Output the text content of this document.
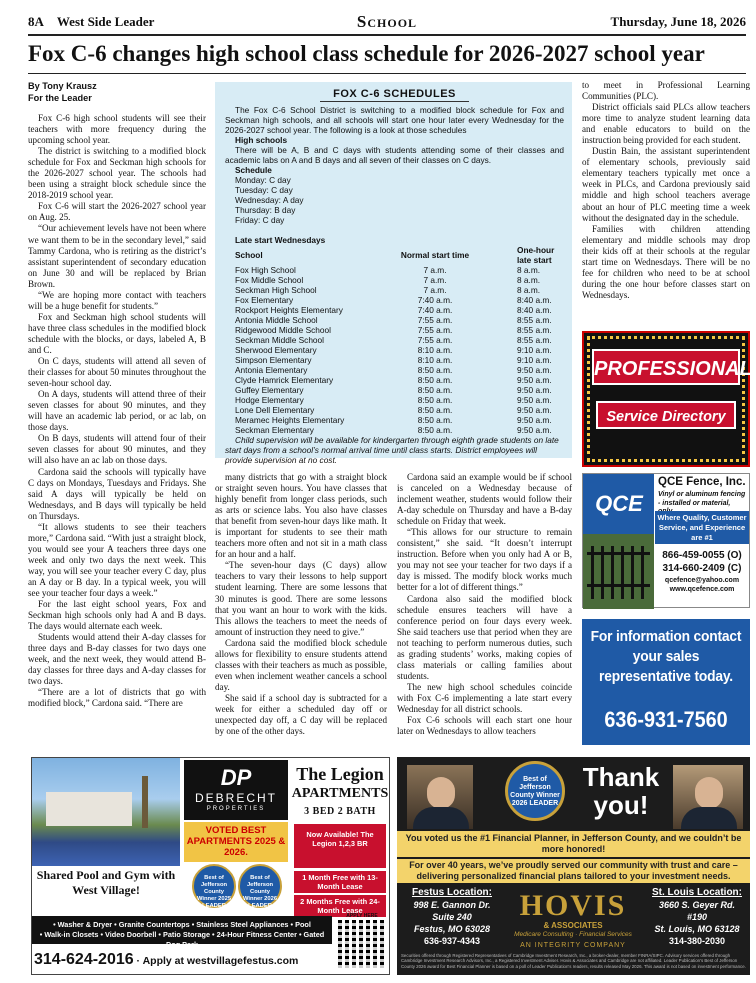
8A West Side Leader	School	Thursday, June 18, 2026
Fox C-6 changes high school class schedule for 2026-2027 school year
By Tony Krausz
For the Leader

Fox C-6 high school students will see their teachers with more frequency during the upcoming school year.

The district is switching to a modified block schedule for Fox and Seckman high schools for the 2026-2027 school year. The schools had been using a straight block schedule since the 2018-2019 school year.

Fox C-6 will start the 2026-2027 school year on Aug. 25.

“Our achievement levels have not been where we want them to be in the secondary level,” said Tammy Cardona, who is retiring as the district’s assistant superintendent of secondary education on June 30 and will be replaced by Brian Brown.

“We are hoping more contact with teachers will be a huge benefit for students.”

Fox and Seckman high school students will have three class schedules in the modified block schedule with the blocks, or days, labeled A, B and C.

On C days, students will attend all seven of their classes for about 50 minutes throughout the seven-hour school day.

On A days, students will attend three of their seven classes for about 90 minutes, and they will have an academic lab period, or ac lab, on those days.

On B days, students will attend four of their seven classes for about 90 minutes, and they will also have an ac lab on those days.

Cardona said the schools will typically have C days on Mondays, Tuesdays and Fridays. She said A days will typically be held on Wednesdays, and B days will typically be held on Thursdays.

“It allows students to see their teachers more,” Cardona said. “With just a straight block, you would see your A teachers three days one week and only two days the next week. This way, you will see your teacher every C day, plus an A day or B day. In a typical week, you will see your teacher four days a week.”

For the last eight school years, Fox and Seckman high schools only had A and B days. The days would alternate each week.

Students would attend their A-day classes for three days and B-day classes for two days one week, and the next week, they would attend B-day classes for three days and A-day classes for two days.

“There are a lot of districts that go with modified block,” Cardona said. “There are

FOX C-6 SCHEDULES
The Fox C-6 School District is switching to a modified block schedule for Fox and Seckman high schools, and all schools will start one hour later every Wednesday for the 2026-2027 school year. The following is a look at those schedules
High schools
There will be A, B and C days with students attending some of their classes and academic labs on A and B days and all seven of their classes on C days.
Schedule
Monday: C day
Tuesday: C day
Wednesday: A day
Thursday: B day
Friday: C day
Late start Wednesdays
School	Normal start time	One-hour late start
Fox High School	7 a.m.	8 a.m.
Fox Middle School	7 a.m.	8 a.m.
Seckman High School	7 a.m.	8 a.m.
Fox Elementary	7:40 a.m.	8:40 a.m.
Rockport Heights Elementary	7:40 a.m.	8:40 a.m.
Antonia Middle School	7:55 a.m.	8:55 a.m.
Ridgewood Middle School	7:55 a.m.	8:55 a.m.
Seckman Middle School	7:55 a.m.	8:55 a.m.
Sherwood Elementary	8:10 a.m.	9:10 a.m.
Simpson Elementary	8:10 a.m.	9:10 a.m.
Antonia Elementary	8:50 a.m.	9:50 a.m.
Clyde Hamrick Elementary	8:50 a.m.	9:50 a.m.
Guffey Elementary	8:50 a.m.	9:50 a.m.
Hodge Elementary	8:50 a.m.	9:50 a.m.
Lone Dell Elementary	8:50 a.m.	9:50 a.m.
Meramec Heights Elementary	8:50 a.m.	9:50 a.m.
Seckman Elementary	8:50 a.m.	9:50 a.m.
Child supervision will be available for kindergarten through eighth grade students on late start days from a school’s normal arrival time until class starts. District employees will provide supervision at no cost.

many districts that go with a straight block or straight seven hours. You have classes that highly benefit from longer class periods, such as arts or science labs. You also have classes that benefit from seven-hour days like math. It is important for students to see their math teachers more often and not sit in a math class for an hour and a half.

“The seven-hour days (C days) allow teachers to vary their lessons to help support student learning. There are some lessons that 30 minutes is good. There are some lessons that you want an hour to work with the kids. This allows the teachers to meet the needs of amount of instruction they need to give.”

Cardona said the modified block schedule allows for flexibility to ensure students attend classes with their teachers as much as possible, even when inclement weather cancels a school day.

She said if a school day is subtracted for a week for either a scheduled day off or unexpected day off, a C day will be replaced by one of the other days.

Cardona said an example would be if school is canceled on a Wednesday because of inclement weather, students would follow their A-day schedule on Thursday and have a B-day schedule on Friday that week.

“This allows for our structure to remain consistent,” she said. “It doesn’t interrupt instruction. Before when you only had A or B, you may not see your teacher for two days if a day is missed. The modify block works much better for a lot of different things.”

Cardona also said the modified block schedule ensures teachers will have a conference period on four days every week. She said teachers use that period when they are not teaching to perform numerous duties, such as grading students’ works, making copies of class materials or calling families about students.

The new high school schedules coincide with Fox C-6 implementing a late start every Wednesday for all district schools.

Fox C-6 schools will each start one hour later on Wednesdays to allow teachers

to meet in Professional Learning Communities (PLC).

District officials said PLCs allow teachers more time to analyze student learning data and enable educators to build on the instruction being provided for each student.

Dustin Bain, the assistant superintendent of elementary schools, previously said elementary teachers typically met once a week in PLCs, and Cardona previously said middle and high school teachers average about an hour of PLC meeting time a week without the designated day in the schedule.

Families with children attending elementary and middle schools may drop their kids off at their schools at the regular start time on Wednesdays. There will be no fee for children who need to be at school during the one hour before classes start on Wednesdays.

PROFESSIONAL
Service Directory
QCE
QCE Fence, Inc.
Vinyl or aluminum fencing - installed or material,
Where Quality, Customer Service, and Experience are #1
866-459-0055 (O)
314-660-2409 (C)
qcefence@yahoo.com
www.qcefence.com
For information contact your sales representative today.
636-931-7560
DP
DEBRECHT
PROPERTIES
VOTED BEST APARTMENTS 2025 & 2026.
Best of Jefferson County Winner 2025 LEADER
Best of Jefferson County Winner 2026 LEADER
Shared Pool and Gym with West Village!
The Legion
APARTMENTS
3 BED 2 BATH
Now Available! The Legion 1,2,3 BR
1 Month Free with 13-Month Lease
2 Months Free with 24-Month Lease
• Washer & Dryer • Granite Countertops • Stainless Steel Appliances • Pool
• Walk-in Closets • Video Doorbell • Patio Storage • 24-Hour Fitness Center • Gated Dog Park
314-624-2016 · Apply at westvillagefestus.com
APPLY HERE
Best of Jefferson County Winner 2026 LEADER
Thank you!
You voted us the #1 Financial Planner, in Jefferson County, and we couldn’t be more honored!
For over 40 years, we’ve proudly served our community with trust and care – delivering personalized financial plans tailored to your investment needs.
Festus Location:
998 E. Gannon Dr.
Suite 240
Festus, MO 63028
636-937-4343
HOVIS
& ASSOCIATES
Medicare Consulting · Financial Services
AN INTEGRITY COMPANY
St. Louis Location:
3660 S. Geyer Rd.
#190
St. Louis, MO 63128
314-380-2030
Securities offered through Registered Representatives of Cambridge Investment Research, Inc., a broker-dealer, member FINRA/SIPC. Advisory services offered through Cambridge Investment Research Advisors, Inc., a Registered Investment Adviser. Hovis & Associates and Cambridge are not affiliated. Leader Publication's Best of Jefferson County 2026 award for Best Financial Planner is based on a poll of Leader Publication's readers, results released May 2026. This award is not based on investment performance.
